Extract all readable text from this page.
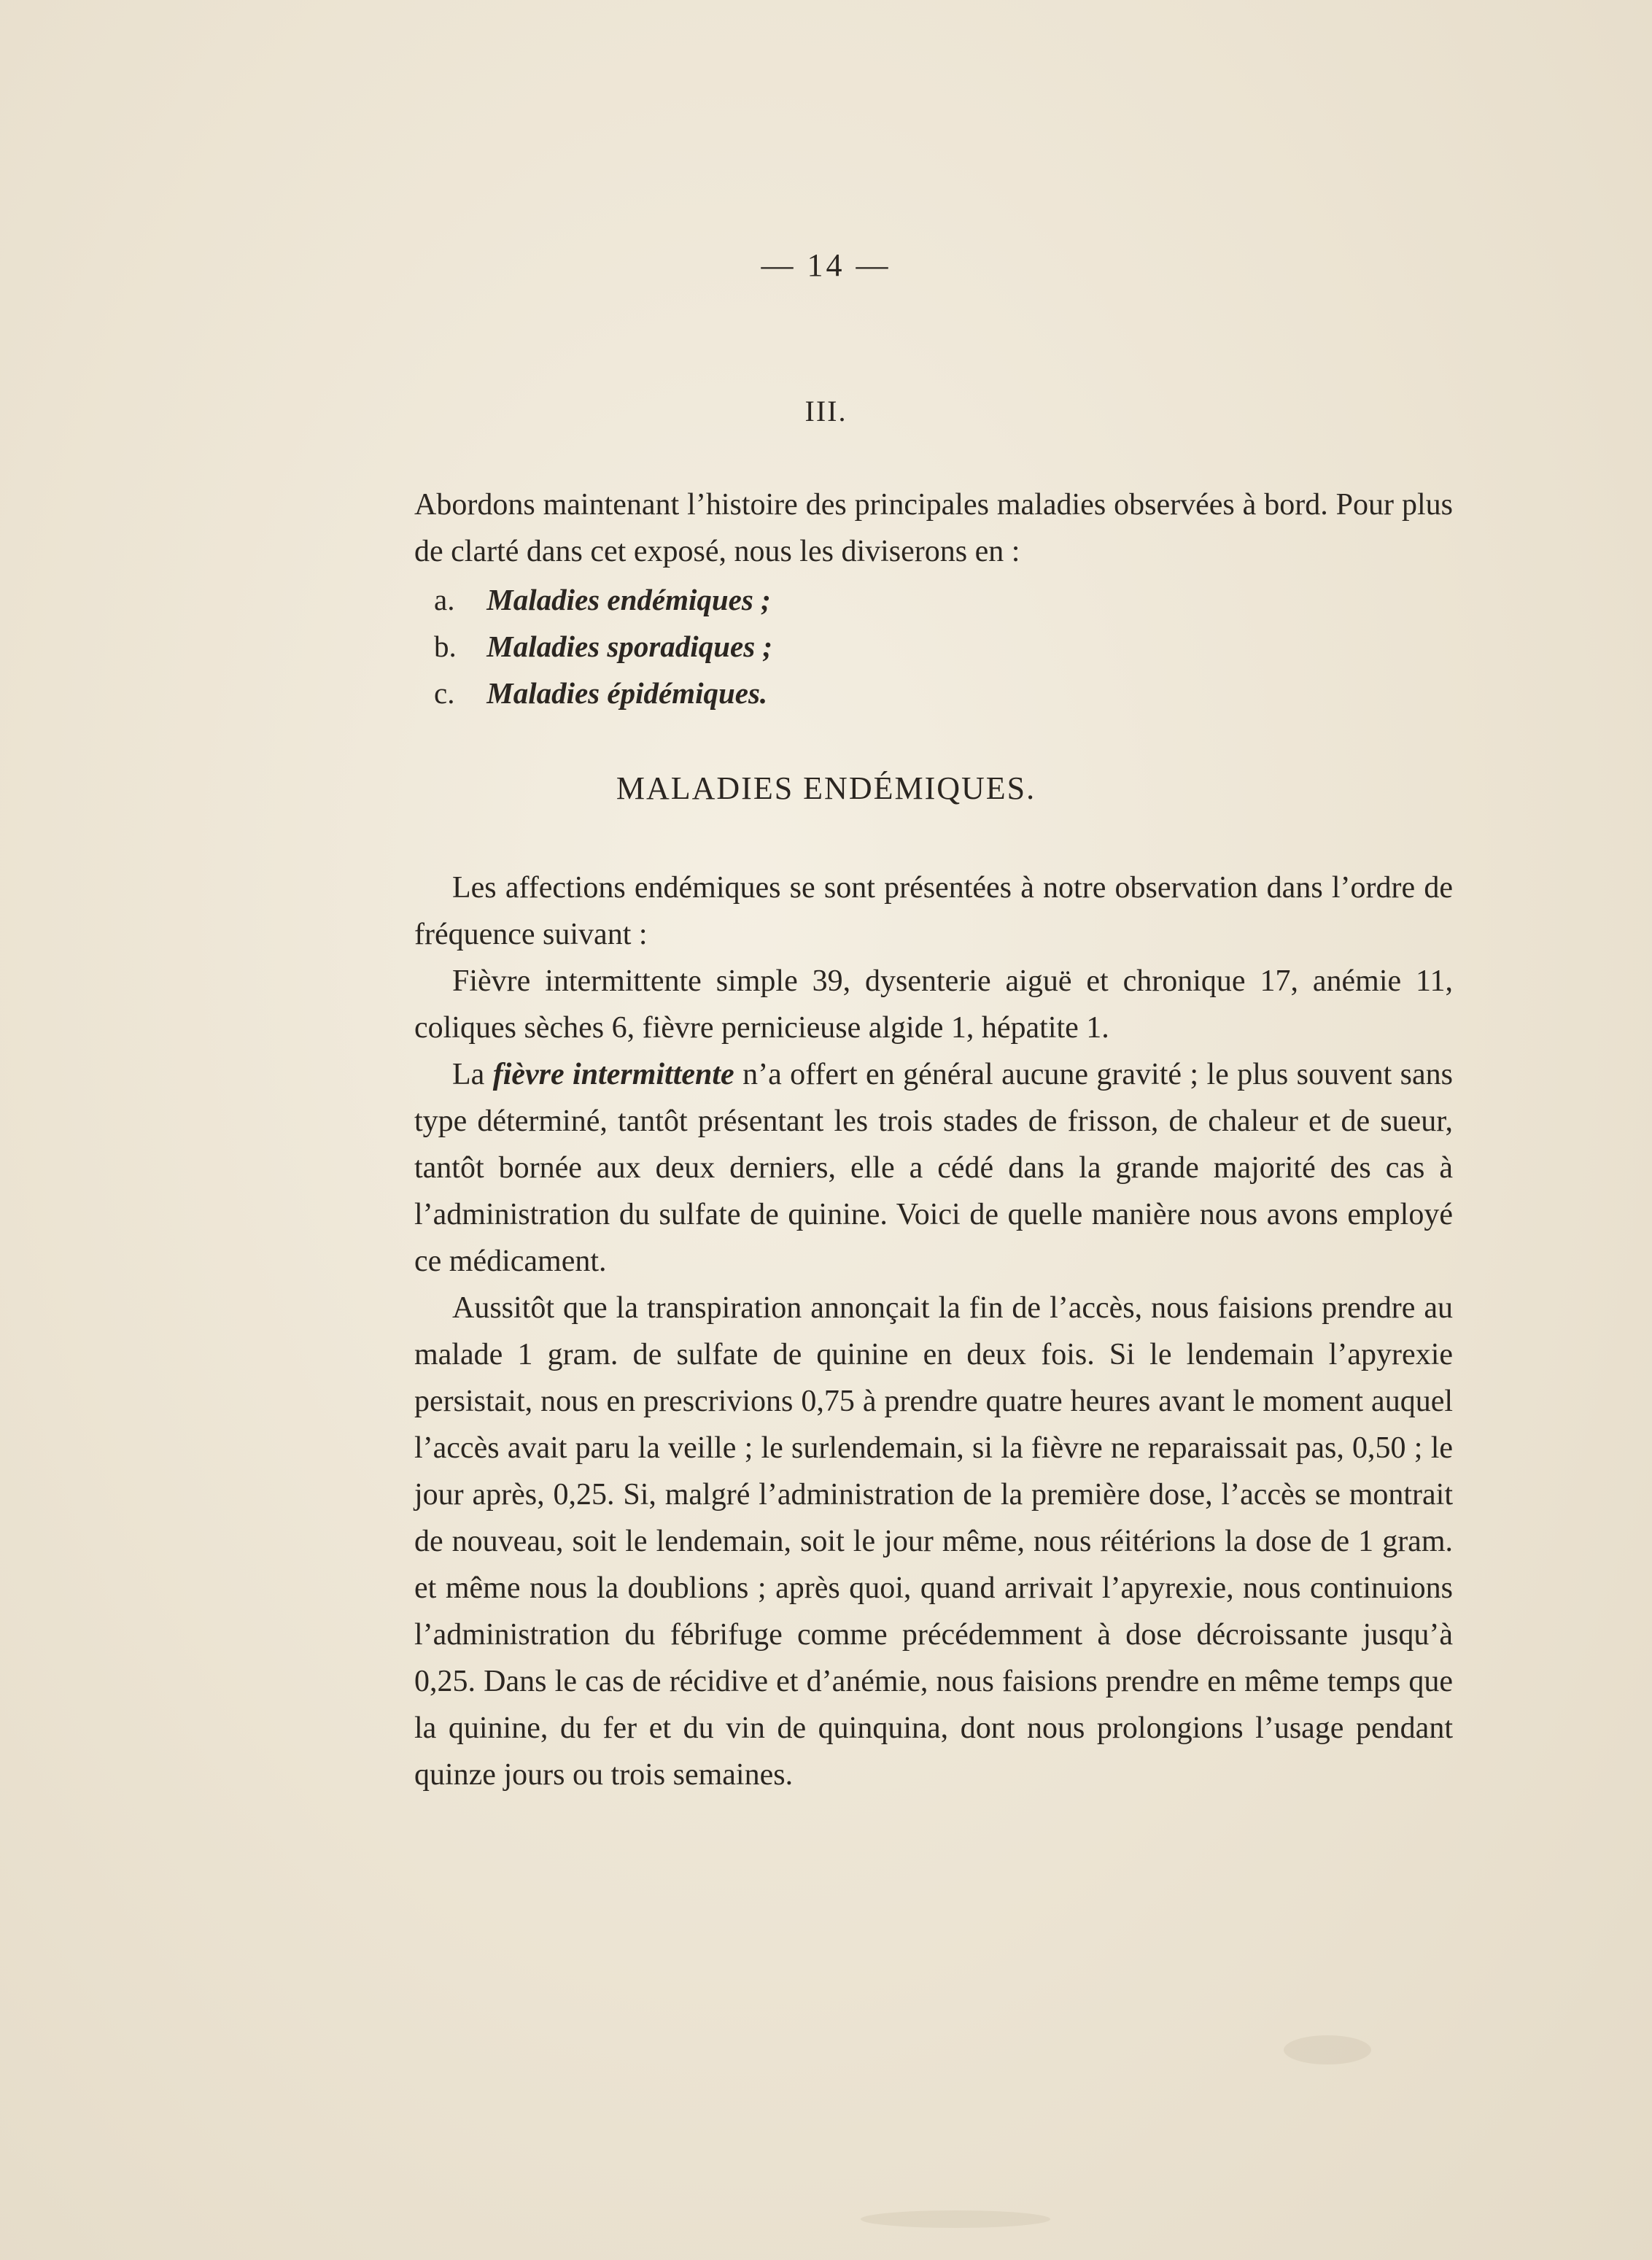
— 14 —
III.
Abordons maintenant l’histoire des principales maladies observées à bord. Pour plus de clarté dans cet exposé, nous les diviserons en :
a. Maladies endémiques ;
b. Maladies sporadiques ;
c. Maladies épidémiques.
MALADIES ENDÉMIQUES.

Les affections endémiques se sont présentées à notre observation dans l’ordre de fréquence suivant :

Fièvre intermittente simple 39, dysenterie aiguë et chronique 17, anémie 11, coliques sèches 6, fièvre pernicieuse algide 1, hépatite 1.

La fièvre intermittente n’a offert en général aucune gravité ; le plus souvent sans type déterminé, tantôt présentant les trois stades de frisson, de chaleur et de sueur, tantôt bornée aux deux derniers, elle a cédé dans la grande majorité des cas à l’administration du sulfate de quinine. Voici de quelle manière nous avons employé ce médicament.

Aussitôt que la transpiration annonçait la fin de l’accès, nous faisions prendre au malade 1 gram. de sulfate de quinine en deux fois. Si le lendemain l’apyrexie persistait, nous en prescrivions 0,75 à prendre quatre heures avant le moment auquel l’accès avait paru la veille ; le surlendemain, si la fièvre ne reparaissait pas, 0,50 ; le jour après, 0,25. Si, malgré l’administration de la première dose, l’accès se montrait de nouveau, soit le lendemain, soit le jour même, nous réitérions la dose de 1 gram. et même nous la doublions ; après quoi, quand arrivait l’apyrexie, nous continuions l’administration du fébrifuge comme précédemment à dose décroissante jusqu’à 0,25. Dans le cas de récidive et d’anémie, nous faisions prendre en même temps que la quinine, du fer et du vin de quinquina, dont nous prolongions l’usage pendant quinze jours ou trois semaines.
